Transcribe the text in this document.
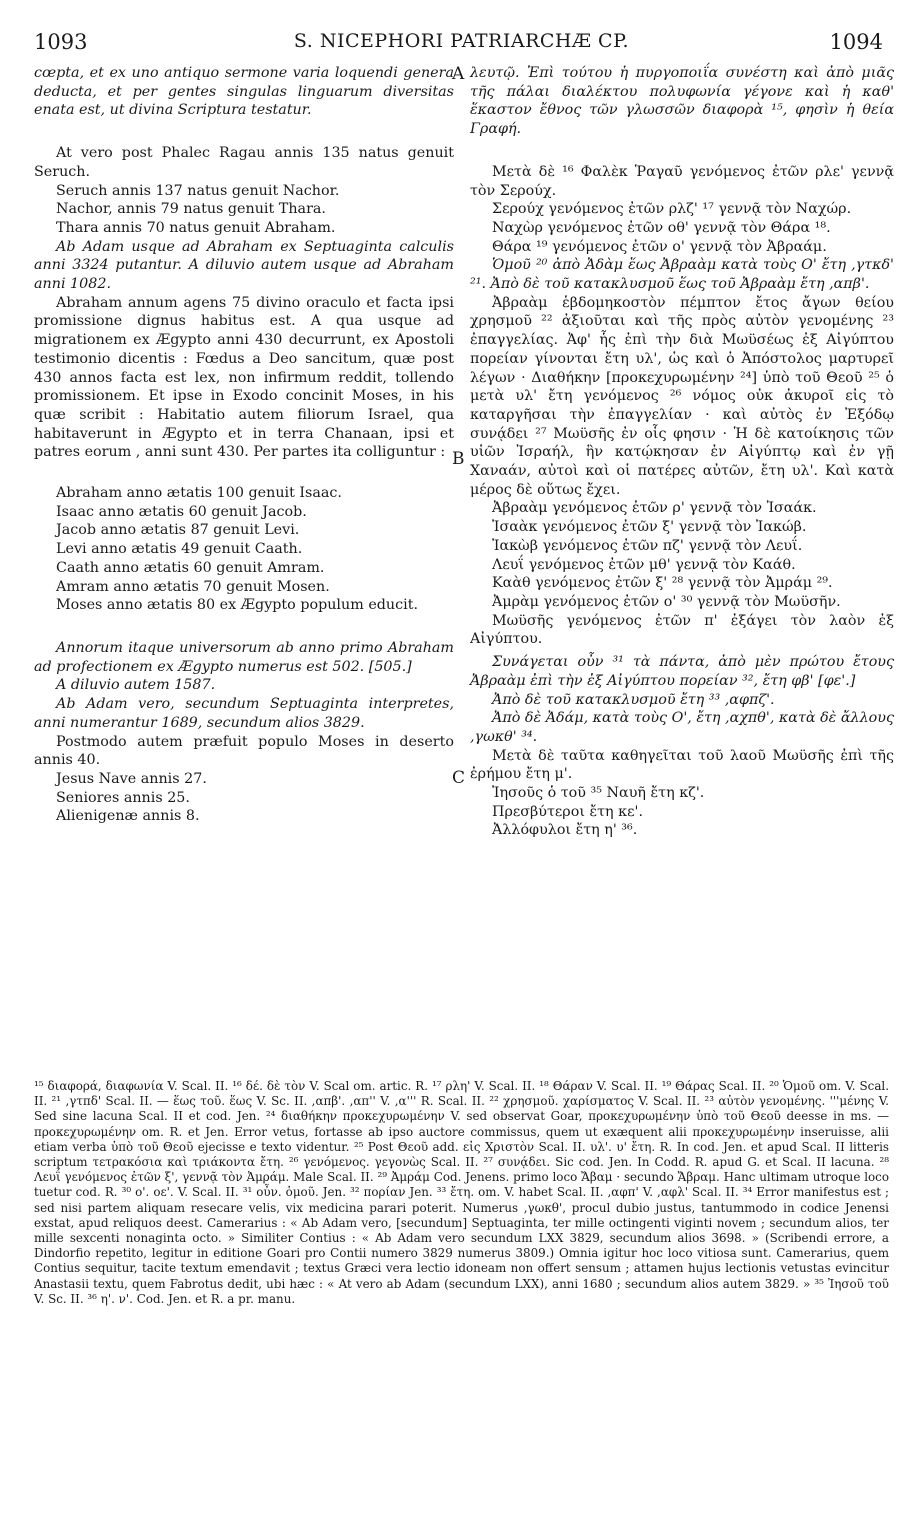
1093	S. NICEPHORI PATRIARCHÆ CP.	1094

cœpta, et ex uno antiquo sermone varia loquendi genera deducta, et per gentes singulas linguarum diversitas enata est, ut divina Scriptura testatur.

At vero post Phalec Ragau annis 135 natus genuit Seruch.

Seruch annis 137 natus genuit Nachor.

Nachor, annis 79 natus genuit Thara.

Thara annis 70 natus genuit Abraham.

Ab Adam usque ad Abraham ex Septuaginta calculis anni 3324 putantur. A diluvio autem usque ad Abraham anni 1082.

Abraham annum agens 75 divino oraculo et facta ipsi promissione dignus habitus est. A qua usque ad migrationem ex Ægypto anni 430 decurrunt, ex Apostoli testimonio dicentis : Fœdus a Deo sancitum, quæ post 430 annos facta est lex, non infirmum reddit, tollendo promissionem. Et ipse in Exodo concinit Moses, in his quæ scribit : Habitatio autem filiorum Israel, qua habitaverunt in Ægypto et in terra Chanaan, ipsi et patres eorum , anni sunt 430. Per partes ita colliguntur :

Abraham anno ætatis 100 genuit Isaac.

Isaac anno ætatis 60 genuit Jacob.

Jacob anno ætatis 87 genuit Levi.

Levi anno ætatis 49 genuit Caath.

Caath anno ætatis 60 genuit Amram.

Amram anno ætatis 70 genuit Mosen.

Moses anno ætatis 80 ex Ægypto populum educit.

Annorum itaque universorum ab anno primo Abraham ad profectionem ex Ægypto numerus est 502. [505.]

A diluvio autem 1587.

Ab Adam vero, secundum Septuaginta interpretes, anni numerantur 1689, secundum alios 3829.

Postmodo autem præfuit populo Moses in deserto annis 40.

Jesus Nave annis 27.

Seniores annis 25.

Alienigenæ annis 8.

λευτῷ. Ἐπὶ τούτου ἡ πυργοποιΐα συνέστη καὶ ἀπὸ μιᾶς τῆς πάλαι διαλέκτου πολυφωνία γέγονε καὶ ἡ καθ' ἕκαστον ἔθνος τῶν γλωσσῶν διαφορὰ ¹⁵, φησὶν ἡ θεία Γραφή.

Μετὰ δὲ ¹⁶ Φαλὲκ Ῥαγαῦ γενόμενος ἐτῶν ρλε' γεννᾷ τὸν Σερούχ.

Σερούχ γενόμενος ἐτῶν ρλζ' ¹⁷ γεννᾷ τὸν Ναχώρ.

Ναχὼρ γενόμενος ἐτῶν οθ' γεννᾷ τὸν Θάρα ¹⁸.

Θάρα ¹⁹ γενόμενος ἐτῶν ο' γεννᾷ τὸν Ἀβραάμ.

Ὁμοῦ ²⁰ ἀπὸ Ἀδὰμ ἕως Ἀβραὰμ κατὰ τοὺς Ο' ἔτη ,γτκδ' ²¹. Ἀπὸ δὲ τοῦ κατακλυσμοῦ ἕως τοῦ Ἀβραὰμ ἔτη ,απβ'.

Ἀβραὰμ ἑβδομηκοστὸν πέμπτον ἔτος ἄγων θείου χρησμοῦ ²² ἀξιοῦται καὶ τῆς πρὸς αὐτὸν γενομένης ²³ ἐπαγγελίας. Ἀφ' ἧς ἐπὶ τὴν διὰ Μωϋσέως ἐξ Αἰγύπτου πορείαν γίνονται ἔτη υλ', ὡς καὶ ὁ Ἀπόστολος μαρτυρεῖ λέγων · Διαθήκην [προκεχυρωμένην ²⁴] ὑπὸ τοῦ Θεοῦ ²⁵ ὁ μετὰ υλ' ἔτη γενόμενος ²⁶ νόμος οὐκ ἀκυροῖ εἰς τὸ καταργῆσαι τὴν ἐπαγγελίαν · καὶ αὐτὸς ἐν Ἐξόδῳ συνᾴδει ²⁷ Μωϋσῆς ἐν οἷς φησιν · Ἡ δὲ κατοίκησις τῶν υἱῶν Ἰσραήλ, ἣν κατῴκησαν ἐν Αἰγύπτῳ καὶ ἐν γῇ Χαναάν, αὐτοὶ καὶ οἱ πατέρες αὐτῶν, ἔτη υλ'. Καὶ κατὰ μέρος δὲ οὕτως ἔχει.

Ἀβραὰμ γενόμενος ἐτῶν ρ' γεννᾷ τὸν Ἰσαάκ.

Ἰσαὰκ γενόμενος ἐτῶν ξ' γεννᾷ τὸν Ἰακώβ.

Ἰακὼβ γενόμενος ἐτῶν πζ' γεννᾷ τὸν Λευΐ.

Λευΐ γενόμενος ἐτῶν μθ' γεννᾷ τὸν Καάθ.

Καὰθ γενόμενος ἐτῶν ξ' ²⁸ γεννᾷ τὸν Ἀμράμ ²⁹.

Ἀμρὰμ γενόμενος ἐτῶν ο' ³⁰ γεννᾷ τὸν Μωϋσῆν.

Μωϋσῆς γενόμενος ἐτῶν π' ἐξάγει τὸν λαὸν ἐξ Αἰγύπτου.

Συνάγεται οὖν ³¹ τὰ πάντα, ἀπὸ μὲν πρώτου ἔτους Ἀβραὰμ ἐπὶ τὴν ἐξ Αἰγύπτου πορείαν ³², ἔτη φβ' [φε'.]

Ἀπὸ δὲ τοῦ κατακλυσμοῦ ἔτη ³³ ,αφπζ'.

Ἀπὸ δὲ Ἀδάμ, κατὰ τοὺς Ο', ἔτη ,αχπθ', κατὰ δὲ ἄλλους ,γωκθ' ³⁴.

Μετὰ δὲ ταῦτα καθηγεῖται τοῦ λαοῦ Μωϋσῆς ἐπὶ τῆς ἐρήμου ἔτη μ'.

Ἰησοῦς ὁ τοῦ ³⁵ Ναυῆ ἔτη κζ'.

Πρεσβύτεροι ἔτη κε'.

Ἀλλόφυλοι ἔτη η' ³⁶.

A
B
C

¹⁵ διαφορά, διαφωνία V. Scal. II. ¹⁶ δέ. δὲ τὸν V. Scal om. artic. R. ¹⁷ ρλη' V. Scal. II. ¹⁸ Θάραν V. Scal. II. ¹⁹ Θάρας Scal. II. ²⁰ Ὁμοῦ om. V. Scal. II. ²¹ ,γτπδ' Scal. II. — ἕως τοῦ. ἕως V. Sc. II. ,απβ'. ,απ'' V. ,α''' R. Scal. II. ²² χρησμοῦ. χαρίσματος V. Scal. II. ²³ αὐτὸν γενομένης. '''μένης V. Sed sine lacuna Scal. II et cod. Jen. ²⁴ διαθήκην προκεχυρωμένην V. sed observat Goar, προκεχυρωμένην ὑπὸ τοῦ Θεοῦ deesse in ms. — προκεχυρωμένην om. R. et Jen. Error vetus, fortasse ab ipso auctore commissus, quem ut exæquent alii προκεχυρωμένην inseruisse, alii etiam verba ὑπὸ τοῦ Θεοῦ ejecisse e texto videntur. ²⁵ Post Θεοῦ add. εἰς Χριστὸν Scal. II. υλ'. υ' ἔτη. R. In cod. Jen. et apud Scal. II litteris scriptum τετρακόσια καὶ τριάκοντα ἔτη. ²⁶ γενόμενος. γεγονὼς Scal. II. ²⁷ συνᾴδει. Sic cod. Jen. In Codd. R. apud G. et Scal. II lacuna. ²⁸ Λευΐ γενόμενος ἐτῶν ξ', γεννᾷ τὸν Ἀμράμ. Male Scal. II. ²⁹ Ἀμράμ Cod. Jenens. primo loco Ἄβαμ · secundo Ἄβραμ. Hanc ultimam utroque loco tuetur cod. R. ³⁰ ο'. οε'. V. Scal. II. ³¹ οὖν. ὁμοῦ. Jen. ³² πορίαν Jen. ³³ ἔτη. om. V. habet Scal. II. ,αφπ' V. ,αφλ' Scal. II. ³⁴ Error manifestus est ; sed nisi partem aliquam resecare velis, vix medicina parari poterit. Numerus ,γωκθ', procul dubio justus, tantummodo in codice Jenensi exstat, apud reliquos deest. Camerarius : « Ab Adam vero, [secundum] Septuaginta, ter mille octingenti viginti novem ; secundum alios, ter mille sexcenti nonaginta octo. » Similiter Contius : « Ab Adam vero secundum LXX 3829, secundum alios 3698. » (Scribendi errore, a Dindorfio repetito, legitur in editione Goari pro Contii numero 3829 numerus 3809.) Omnia igitur hoc loco vitiosa sunt. Camerarius, quem Contius sequitur, tacite textum emendavit ; textus Græci vera lectio idoneam non offert sensum ; attamen hujus lectionis vetustas evincitur Anastasii textu, quem Fabrotus dedit, ubi hæc : « At vero ab Adam (secundum LXX), anni 1680 ; secundum alios autem 3829. » ³⁵ Ἰησοῦ τοῦ V. Sc. II. ³⁶ η'. ν'. Cod. Jen. et R. a pr. manu.
